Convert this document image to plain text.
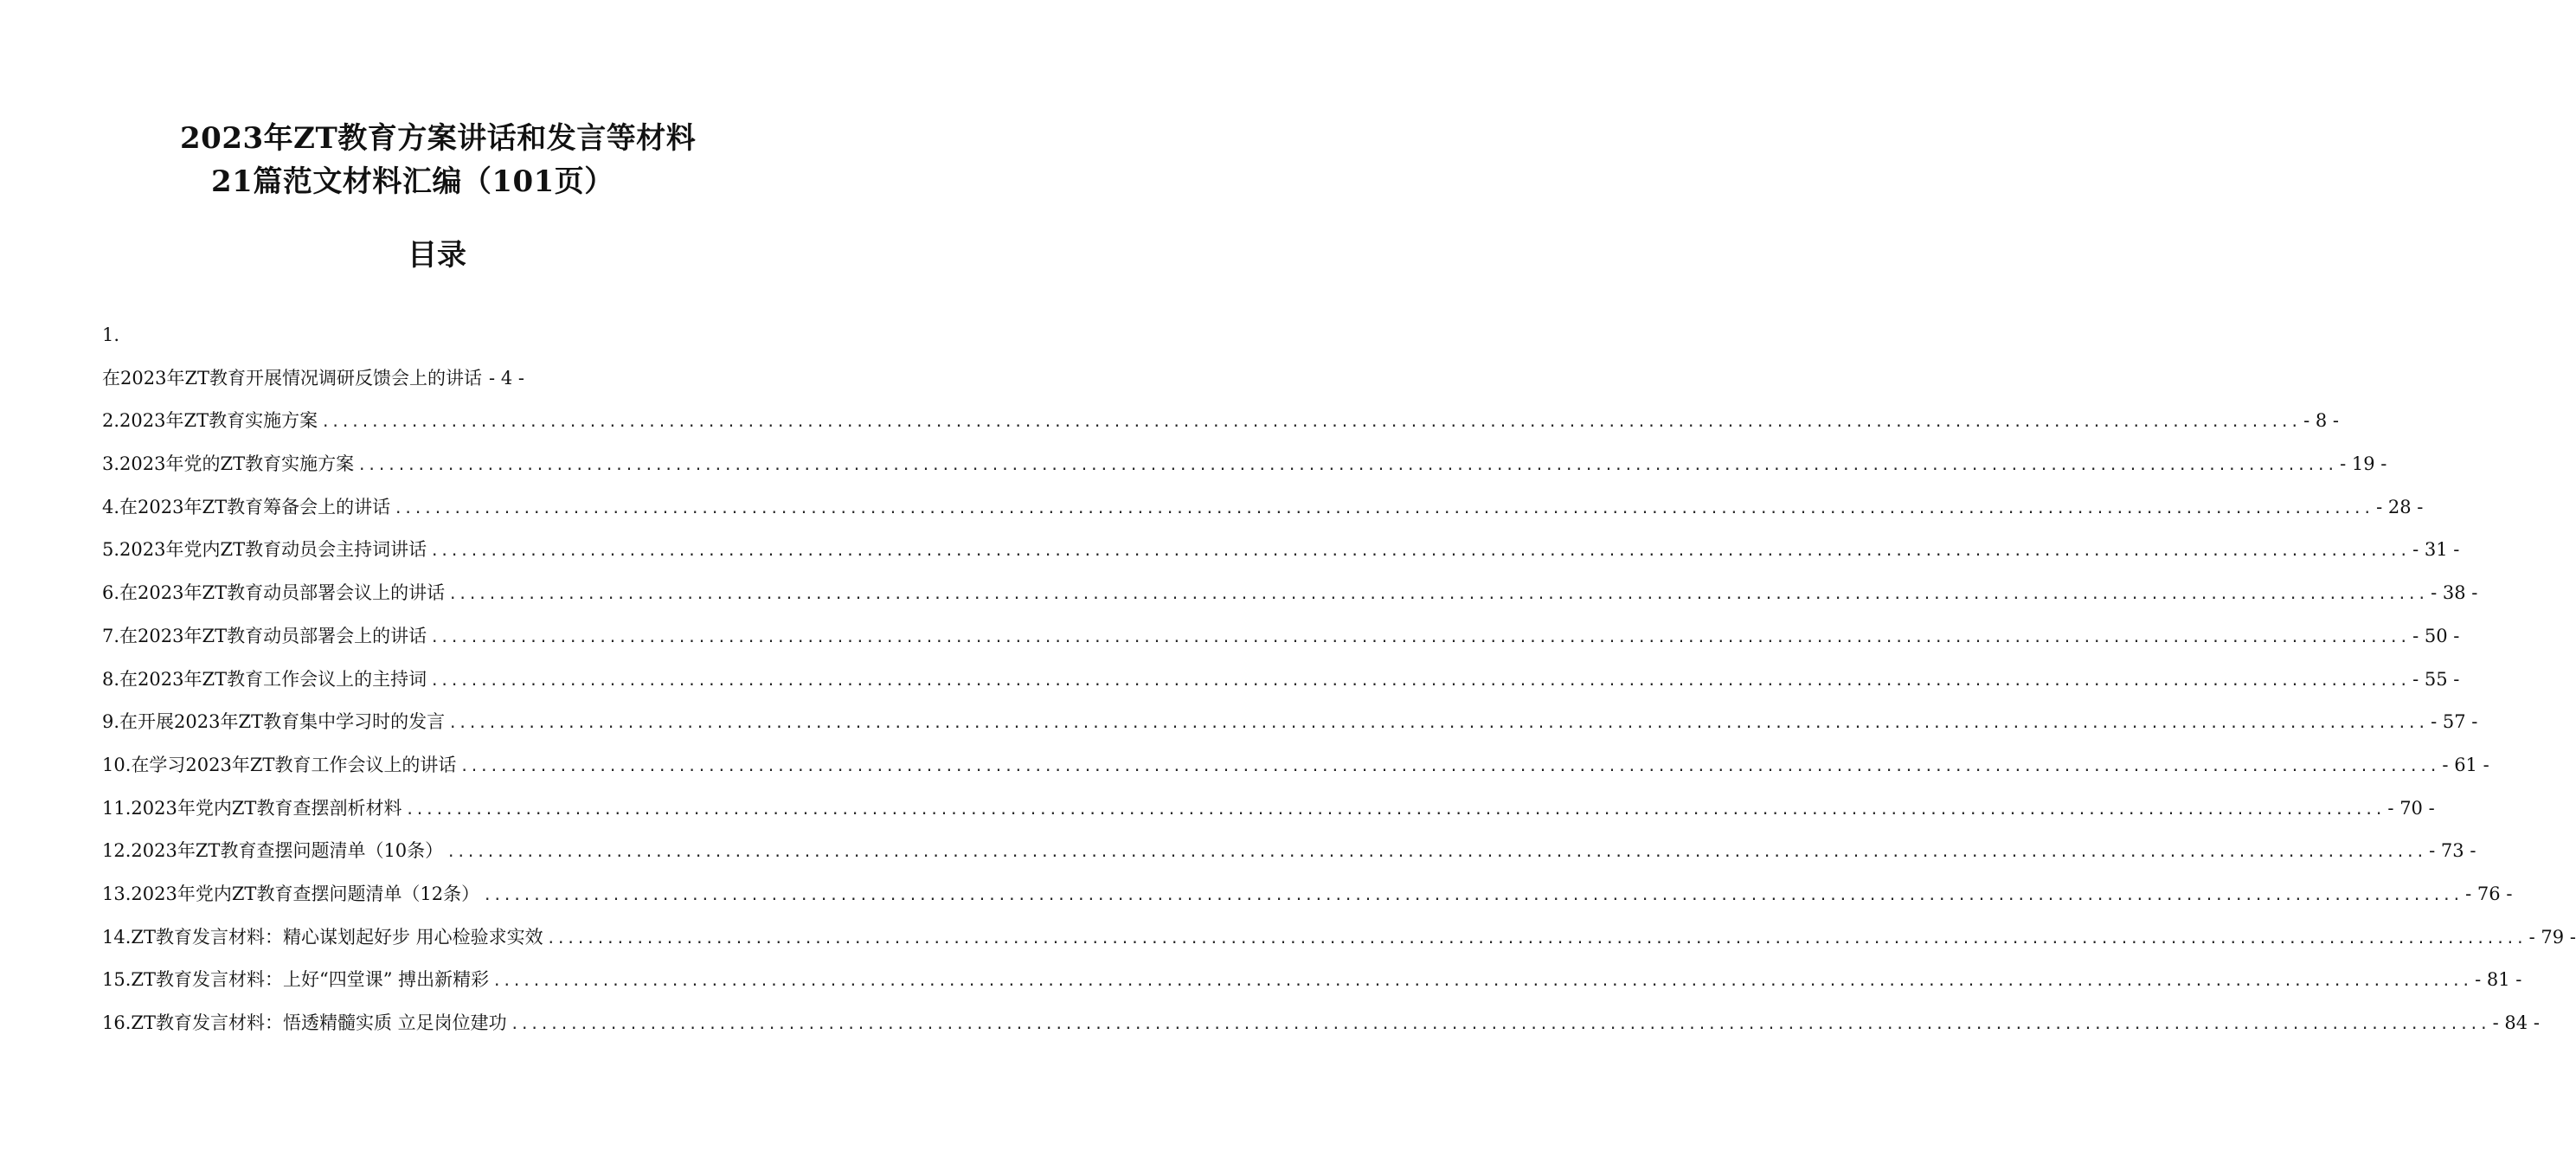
2023年ZT教育方案讲话和发言等材料
21篇范文材料汇编（101页）
目录
1.
在2023年ZT教育开展情况调研反馈会上的讲话 - 4 -
2.2023年ZT教育实施方案 ........................................................................................................................................................................................................ - 8 -
3.2023年党的ZT教育实施方案 ........................................................................................................................................................................................................ - 19 -
4.在2023年ZT教育筹备会上的讲话 ........................................................................................................................................................................................................ - 28 -
5.2023年党内ZT教育动员会主持词讲话 ........................................................................................................................................................................................................ - 31 -
6.在2023年ZT教育动员部署会议上的讲话 ........................................................................................................................................................................................................ - 38 -
7.在2023年ZT教育动员部署会上的讲话 ........................................................................................................................................................................................................ - 50 -
8.在2023年ZT教育工作会议上的主持词 ........................................................................................................................................................................................................ - 55 -
9.在开展2023年ZT教育集中学习时的发言 ........................................................................................................................................................................................................ - 57 -
10.在学习2023年ZT教育工作会议上的讲话 ........................................................................................................................................................................................................ - 61 -
11.2023年党内ZT教育查摆剖析材料 ........................................................................................................................................................................................................ - 70 -
12.2023年ZT教育查摆问题清单（10条） ........................................................................................................................................................................................................ - 73 -
13.2023年党内ZT教育查摆问题清单（12条） ........................................................................................................................................................................................................ - 76 -
14.ZT教育发言材料：精心谋划起好步 用心检验求实效 ........................................................................................................................................................................................................ - 79 -
15.ZT教育发言材料：上好“四堂课” 搏出新精彩 ........................................................................................................................................................................................................ - 81 -
16.ZT教育发言材料：悟透精髓实质 立足岗位建功 ........................................................................................................................................................................................................ - 84 -
